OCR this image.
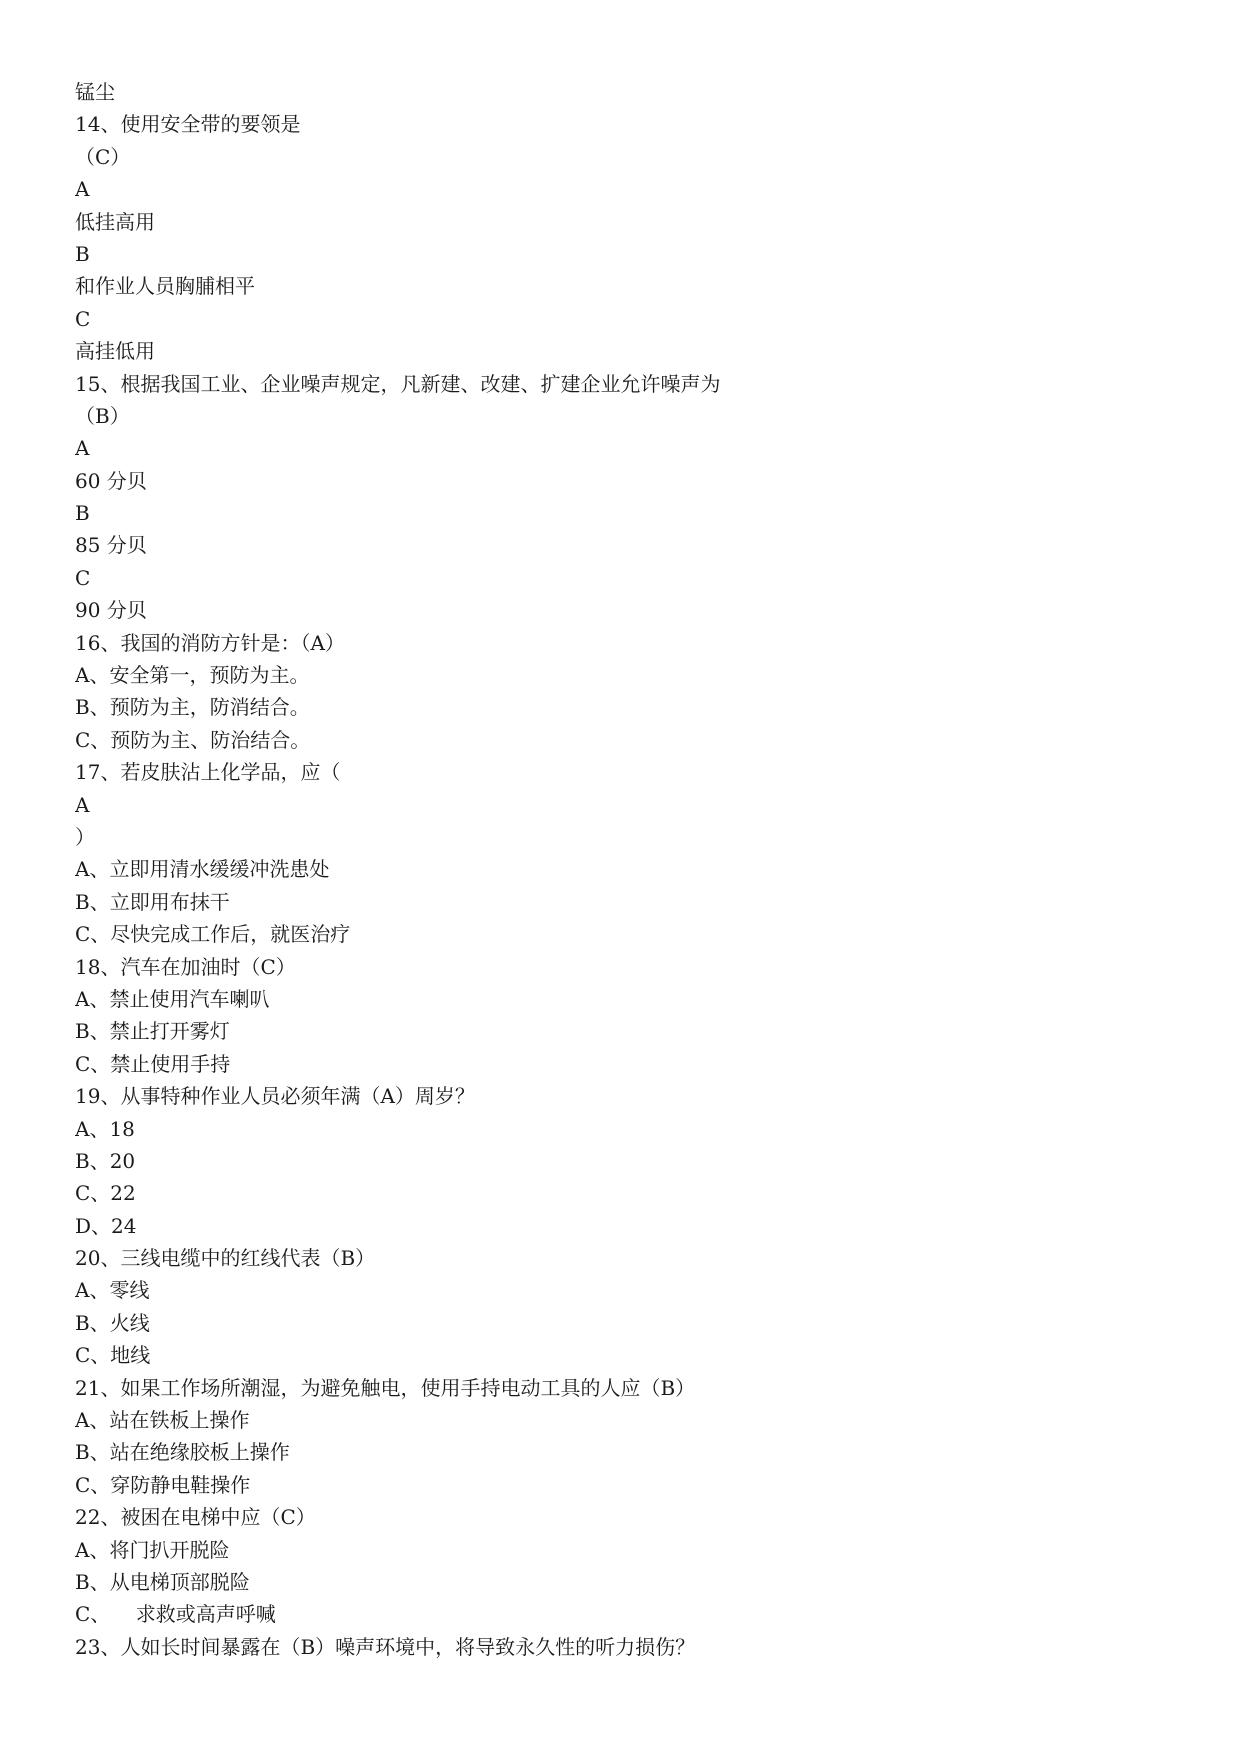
锰尘
14、使用安全带的要领是
（C）
A
低挂高用
B
和作业人员胸脯相平
C
高挂低用
15、根据我国工业、企业噪声规定，凡新建、改建、扩建企业允许噪声为
（B）
A
60 分贝
B
85 分贝
C
90 分贝
16、我国的消防方针是：（A）
A、安全第一，预防为主。
B、预防为主，防消结合。
C、预防为主、防治结合。
17、若皮肤沾上化学品，应（
A
）
A、立即用清水缓缓冲洗患处
B、立即用布抹干
C、尽快完成工作后，就医治疗
18、汽车在加油时（C）
A、禁止使用汽车喇叭
B、禁止打开雾灯
C、禁止使用手持
19、从事特种作业人员必须年满（A）周岁？
A、18
B、20
C、22
D、24
20、三线电缆中的红线代表（B）
A、零线
B、火线
C、地线
21、如果工作场所潮湿，为避免触电，使用手持电动工具的人应（B）
A、站在铁板上操作
B、站在绝缘胶板上操作
C、穿防静电鞋操作
22、被困在电梯中应（C）
A、将门扒开脱险
B、从电梯顶部脱险
C、    求救或高声呼喊
23、人如长时间暴露在（B）噪声环境中，将导致永久性的听力损伤？
